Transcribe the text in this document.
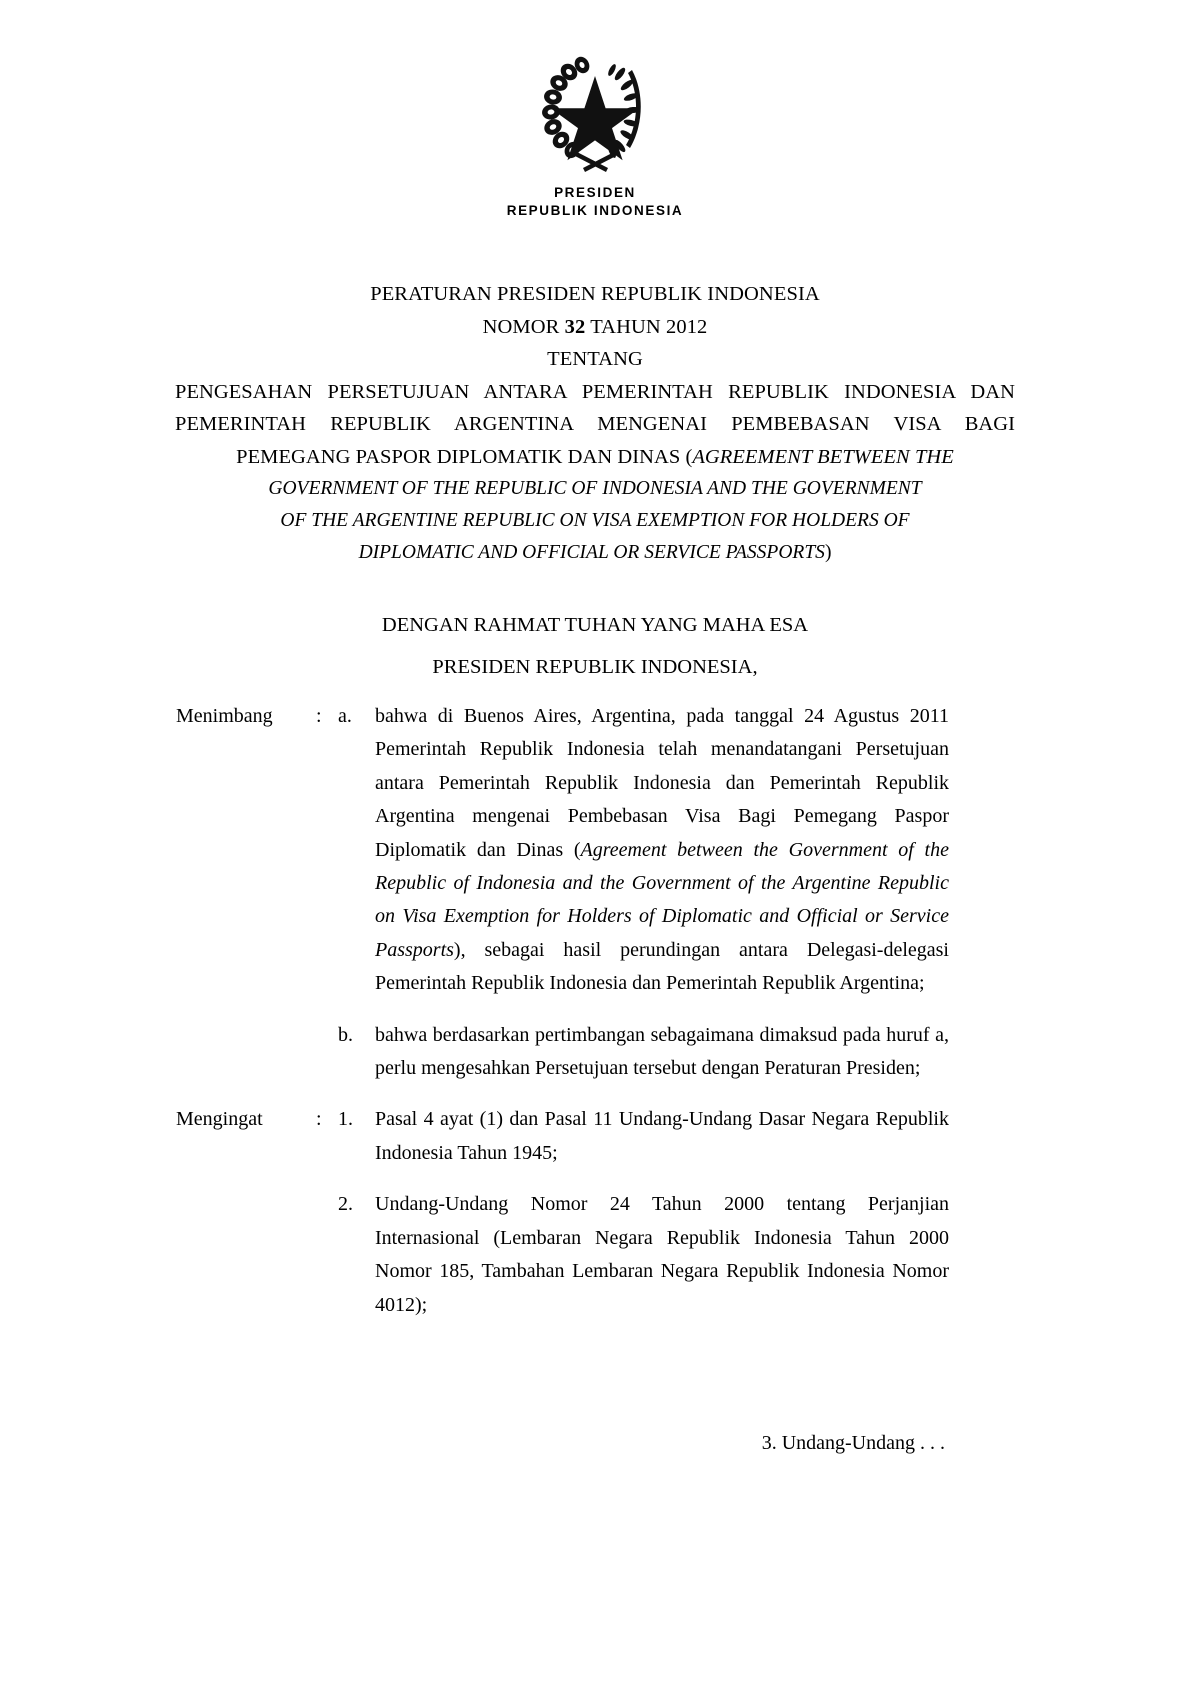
PRESIDEN
REPUBLIK INDONESIA
PERATURAN PRESIDEN REPUBLIK INDONESIA
NOMOR 32 TAHUN 2012
TENTANG
PENGESAHAN PERSETUJUAN ANTARA PEMERINTAH REPUBLIK INDONESIA DAN PEMERINTAH REPUBLIK ARGENTINA MENGENAI PEMBEBASAN VISA BAGI PEMEGANG PASPOR DIPLOMATIK DAN DINAS (AGREEMENT BETWEEN THE
GOVERNMENT OF THE REPUBLIC OF INDONESIA AND THE GOVERNMENT
OF THE ARGENTINE REPUBLIC ON VISA EXEMPTION FOR HOLDERS OF
DIPLOMATIC AND OFFICIAL OR SERVICE PASSPORTS)
DENGAN RAHMAT TUHAN YANG MAHA ESA
PRESIDEN REPUBLIK INDONESIA,
Menimbang	: a.	bahwa di Buenos Aires, Argentina, pada tanggal 24 Agustus 2011 Pemerintah Republik Indonesia telah menandatangani Persetujuan antara Pemerintah Republik Indonesia dan Pemerintah Republik Argentina mengenai Pembebasan Visa Bagi Pemegang Paspor Diplomatik dan Dinas (Agreement between the Government of the Republic of Indonesia and the Government of the Argentine Republic on Visa Exemption for Holders of Diplomatic and Official or Service Passports), sebagai hasil perundingan antara Delegasi-delegasi Pemerintah Republik Indonesia dan Pemerintah Republik Argentina;
b.	bahwa berdasarkan pertimbangan sebagaimana dimaksud pada huruf a, perlu mengesahkan Persetujuan tersebut dengan Peraturan Presiden;
Mengingat	: 1.	Pasal 4 ayat (1) dan Pasal 11 Undang-Undang Dasar Negara Republik Indonesia Tahun 1945;
2.	Undang-Undang Nomor 24 Tahun 2000 tentang Perjanjian Internasional (Lembaran Negara Republik Indonesia Tahun 2000 Nomor 185, Tambahan Lembaran Negara Republik Indonesia Nomor 4012);
3. Undang-Undang . . .
